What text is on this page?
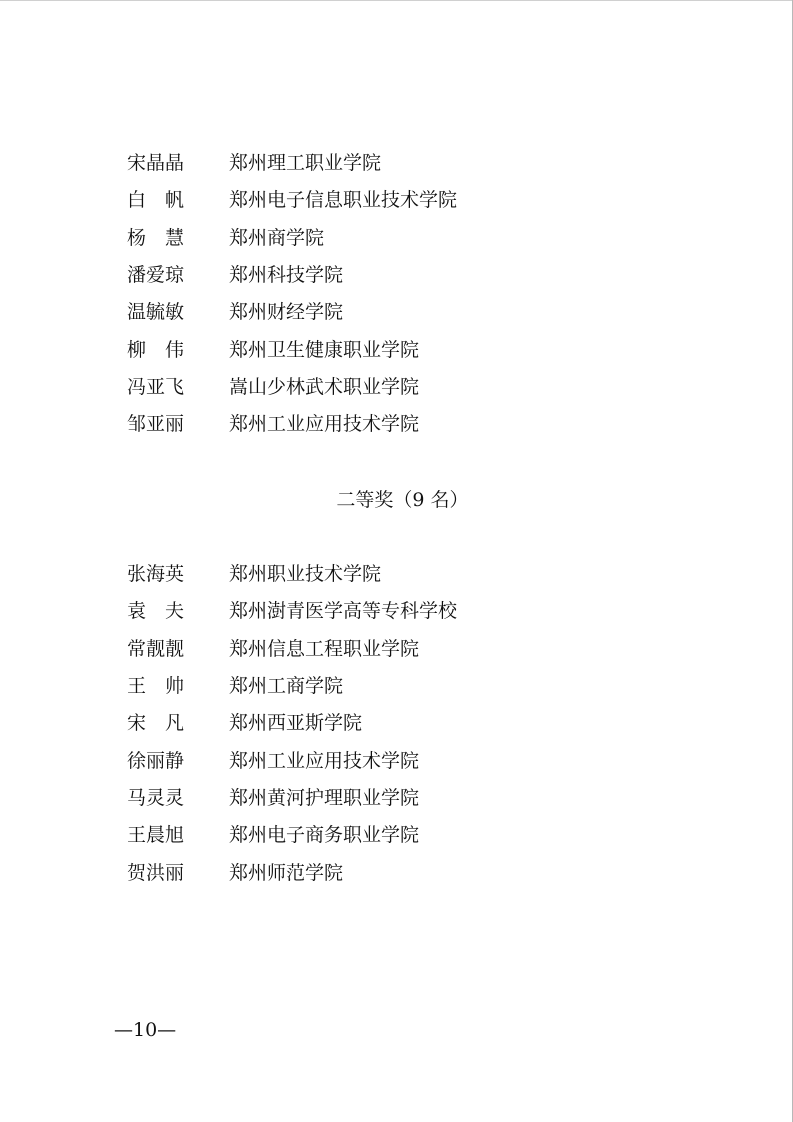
宋晶晶	郑州理工职业学院
白　帆	郑州电子信息职业技术学院
杨　慧	郑州商学院
潘爱琼	郑州科技学院
温毓敏	郑州财经学院
柳　伟	郑州卫生健康职业学院
冯亚飞	嵩山少林武术职业学院
邹亚丽	郑州工业应用技术学院
二等奖（9 名）
张海英	郑州职业技术学院
袁　夫	郑州澍青医学高等专科学校
常靓靓	郑州信息工程职业学院
王　帅	郑州工商学院
宋　凡	郑州西亚斯学院
徐丽静	郑州工业应用技术学院
马灵灵	郑州黄河护理职业学院
王晨旭	郑州电子商务职业学院
贺洪丽	郑州师范学院
—10—
